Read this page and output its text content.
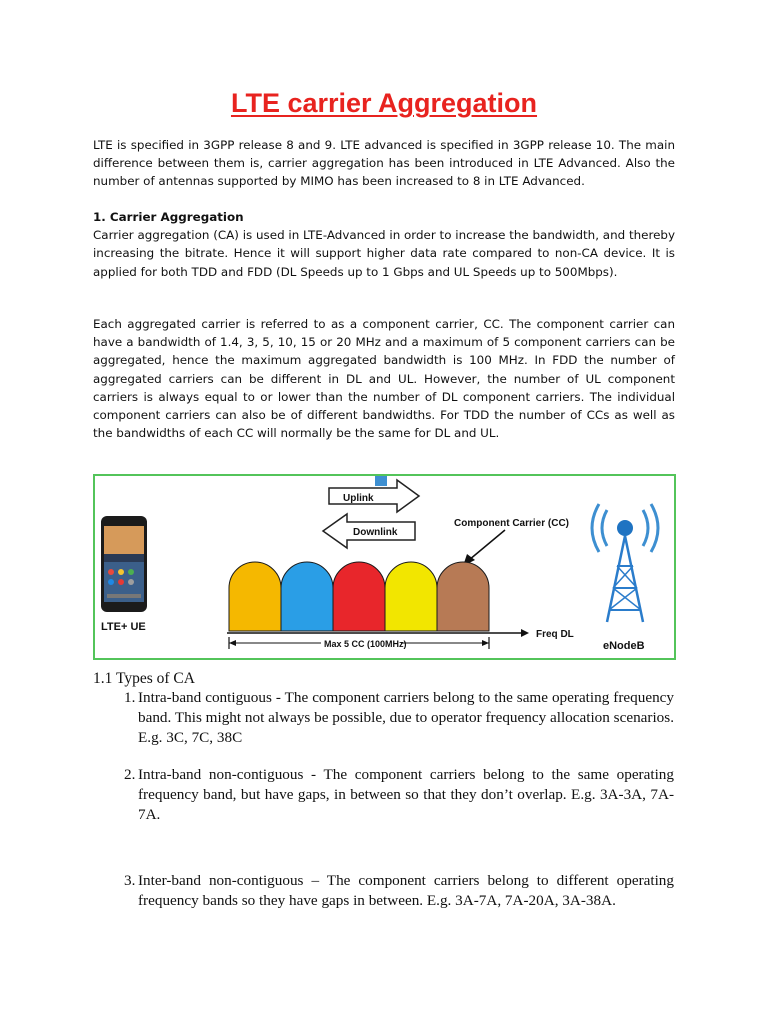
LTE carrier Aggregation

LTE is specified in 3GPP release 8 and 9. LTE advanced is specified in 3GPP release 10. The main difference between them is, carrier aggregation has been introduced in LTE Advanced. Also the number of antennas supported by MIMO has been increased to 8 in LTE Advanced.

1. Carrier Aggregation

Carrier aggregation (CA) is used in LTE-Advanced in order to increase the bandwidth, and thereby increasing the bitrate. Hence it will support higher data rate compared to non-CA device. It is applied for both TDD and FDD (DL Speeds up to 1 Gbps and UL Speeds up to 500Mbps).

Each aggregated carrier is referred to as a component carrier, CC. The component carrier can have a bandwidth of 1.4, 3, 5, 10, 15 or 20 MHz and a maximum of 5 component carriers can be aggregated, hence the maximum aggregated bandwidth is 100 MHz. In FDD the number of aggregated carriers can be different in DL and UL. However, the number of UL component carriers is always equal to or lower than the number of DL component carriers. The individual component carriers can also be of different bandwidths. For TDD the number of CCs as well as the bandwidths of each CC will normally be the same for DL and UL.

LTE+ UE
Uplink
Downlink
Component Carrier (CC)
Freq DL
Max 5 CC (100MHz)	eNodeB
1.1 Types of CA
1. Intra-band contiguous - The component carriers belong to the same operating frequency band. This might not always be possible, due to operator frequency allocation scenarios. E.g. 3C, 7C, 38C
2. Intra-band non-contiguous - The component carriers belong to the same operating frequency band, but have gaps, in between so that they don’t overlap. E.g. 3A-3A, 7A-7A.
3. Inter-band non-contiguous – The component carriers belong to different operating frequency bands so they have gaps in between. E.g. 3A-7A, 7A-20A, 3A-38A.
